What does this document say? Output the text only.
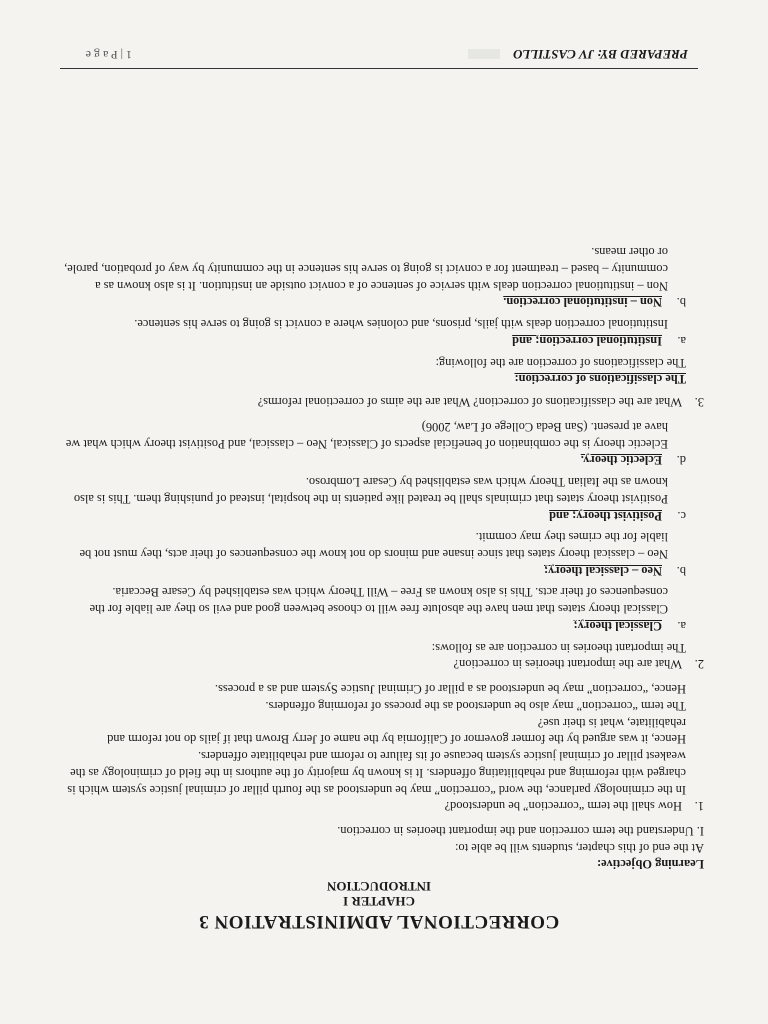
CORRECTIONAL ADMINISTRATION 3

CHAPTER I

INTRODUCTION

Learning Objective:

At the end of this chapter, students will be able to:

I. Understand the term correction and the important theories in correction.

1.How shall the term “correction” be understood?

In the criminology parlance, the word “correction” may be understood as the fourth pillar of criminal justice system which is charged with reforming and rehabilitating offenders. It is known by majority of the authors in the field of criminology as the weakest pillar of criminal justice system because of its failure to reform and rehabilitate offenders.

Hence, it was argued by the former governor of California by the name of Jerry Brown that if jails do not reform and rehabilitate, what is their use?

The term “correction” may also be understood as the process of reforming offenders.

Hence, “correction” may be understood as a pillar of Criminal Justice System and as a process.

2.What are the important theories in correction?

The important theories in correction are as follows:

a.Classical theory;

Classical theory states that men have the absolute free will to choose between good and evil so they are liable for the consequences of their acts. This is also known as Free – Will Theory which was established by Cesare Beccaria.

b.Neo – classical theory;

Neo – classical theory states that since insane and minors do not know the consequences of their acts, they must not be liable for the crimes they may commit.

c.Positivist theory; and

Positivist theory states that criminals shall be treated like patients in the hospital, instead of punishing them. This is also known as the Italian Theory which was established by Cesare Lombroso.

d.Eclectic theory.

Eclectic theory is the combination of beneficial aspects of Classical, Neo – classical, and Positivist theory which what we have at present. (San Beda College of Law, 2006)

3.What are the classifications of correction? What are the aims of correctional reforms?

The classifications of correction:

The classifications of correction are the following:

a.Institutional correction; and

Institutional correction deals with jails, prisons, and colonies where a convict is going to serve his sentence.

b.Non – institutional correction.

Non – institutional correction deals with service of sentence of a convict outside an institution. It is also known as a community – based – treatment for a convict is going to serve his sentence in the community by way of probation, parole, or other means.

PREPARED BY: JV CASTILLO
1 | P a g e
